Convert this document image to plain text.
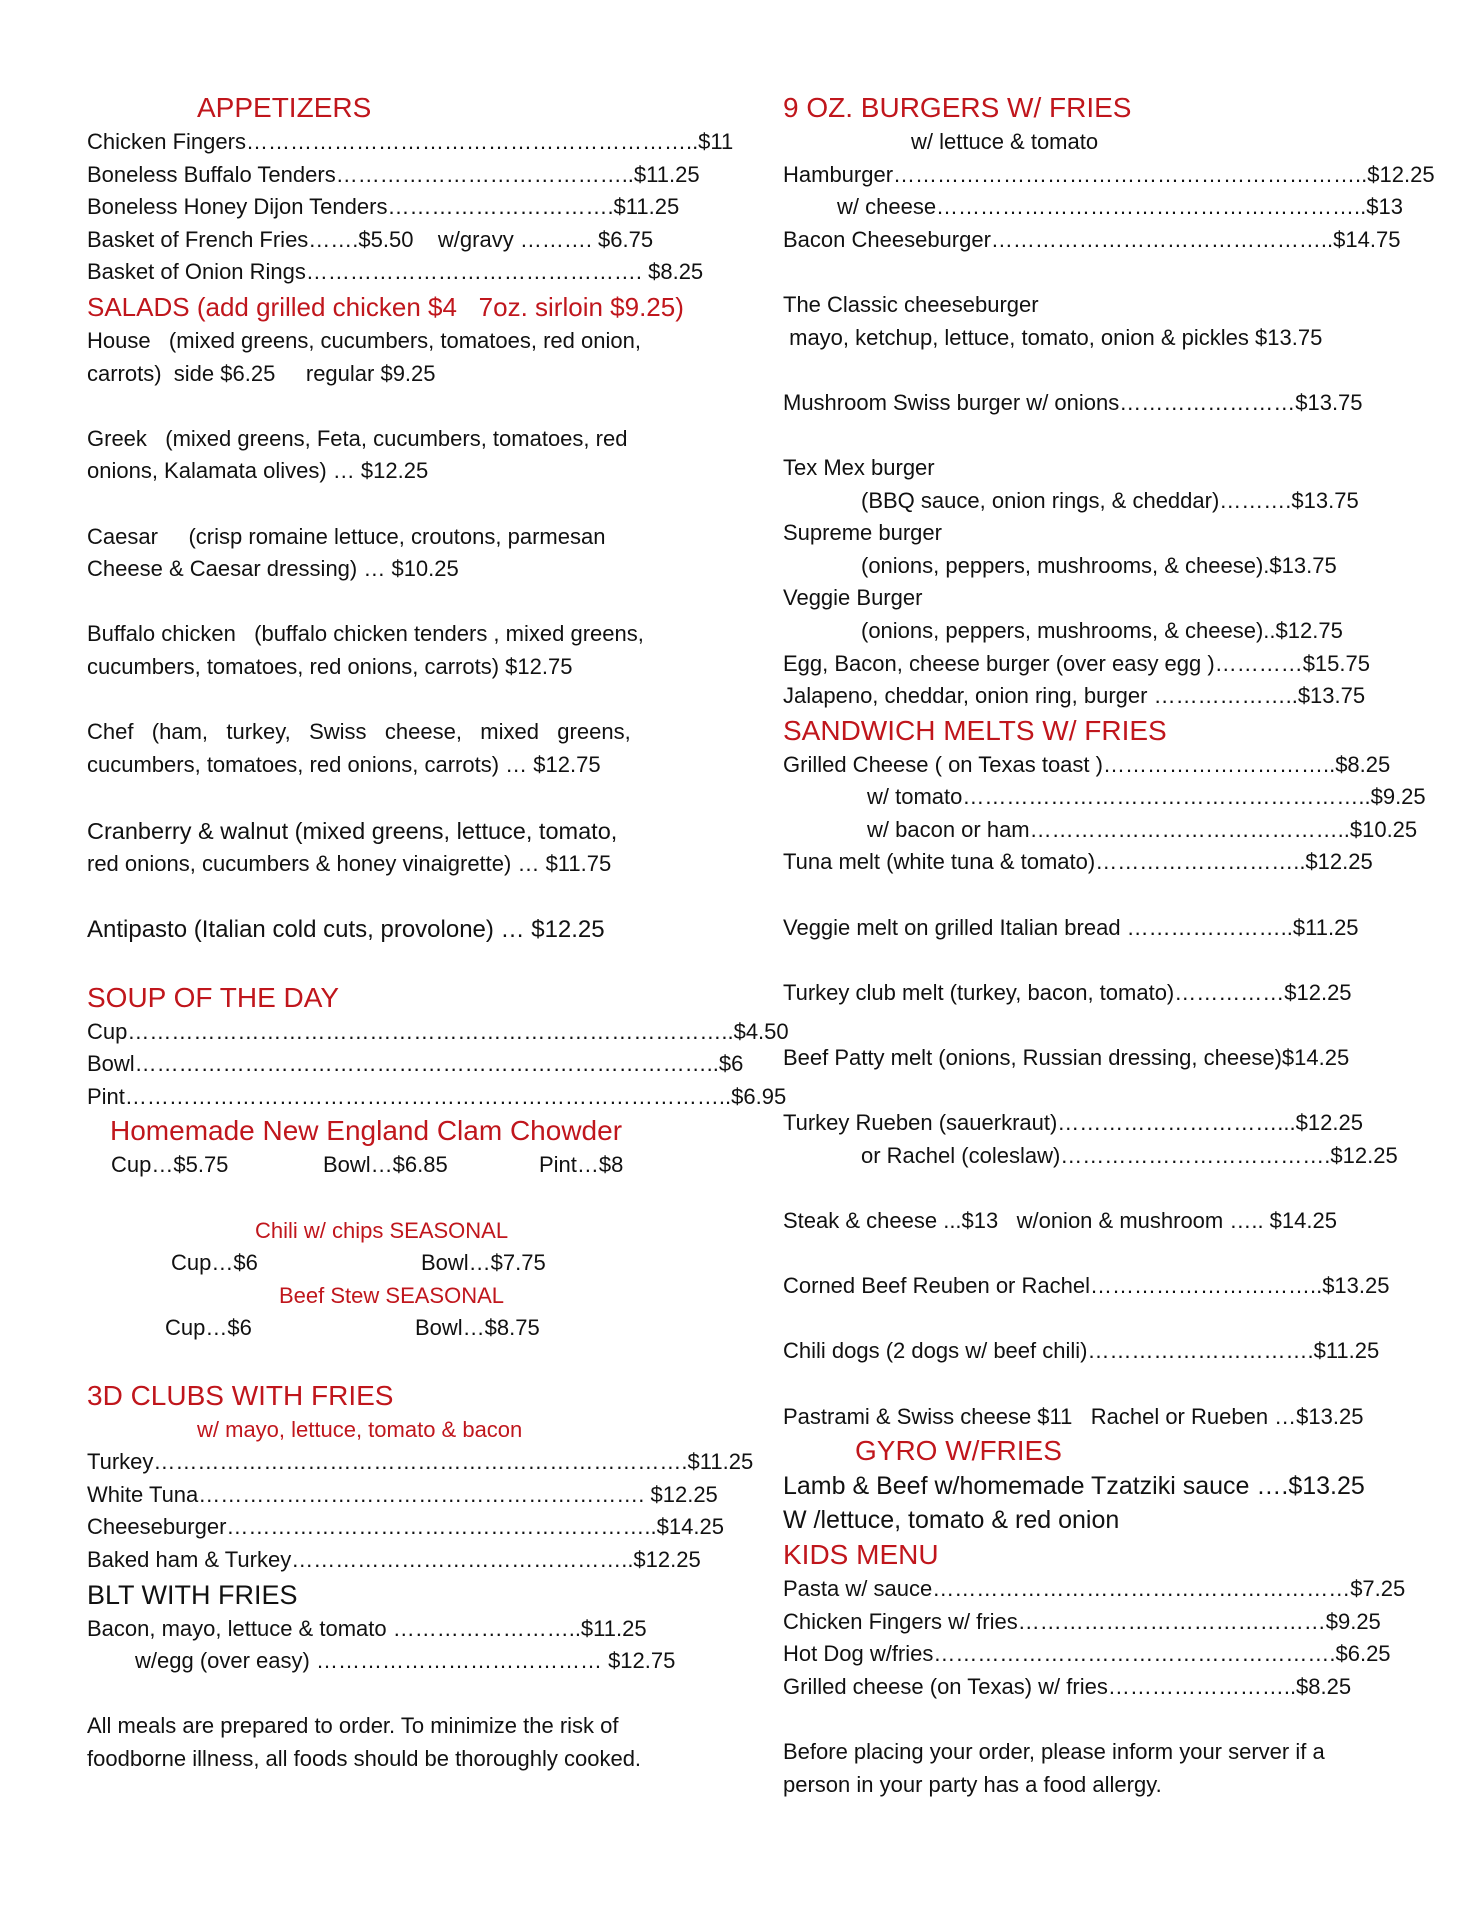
APPETIZERS
Chicken Fingers……………………………………………………..$11
Boneless Buffalo Tenders…………………………………..$11.25
Boneless Honey Dijon Tenders………………………….$11.25
Basket of French Fries…….$5.50    w/gravy ………. $6.75
Basket of Onion Rings………………………………………. $8.25
SALADS (add grilled chicken $4   7oz. sirloin $9.25)
House   (mixed greens, cucumbers, tomatoes, red onion,
carrots)  side $6.25     regular $9.25
Greek   (mixed greens, Feta, cucumbers, tomatoes, red
onions, Kalamata olives) … $12.25
Caesar     (crisp romaine lettuce, croutons, parmesan
Cheese & Caesar dressing) … $10.25
Buffalo chicken   (buffalo chicken tenders , mixed greens,
cucumbers, tomatoes, red onions, carrots) $12.75
Chef   (ham,   turkey,   Swiss   cheese,   mixed   greens,
cucumbers, tomatoes, red onions, carrots) … $12.75
Cranberry & walnut (mixed greens, lettuce, tomato,
red onions, cucumbers & honey vinaigrette) … $11.75
Antipasto (Italian cold cuts, provolone) … $12.25
SOUP OF THE DAY
Cup………………………………………………………………………..$4.50
Bowl……………………………………………………………………..$6
Pint………………………………………………………………………..$6.95
Homemade New England Clam Chowder
Cup…$5.75	Bowl…$6.85	Pint…$8
Chili w/ chips SEASONAL
Cup…$6	Bowl…$7.75
Beef Stew SEASONAL
Cup…$6	Bowl…$8.75
3D CLUBS WITH FRIES
w/ mayo, lettuce, tomato & bacon
Turkey……………………………………………………………….$11.25
White Tuna……………………………………………………. $12.25
Cheeseburger…………………………………………………..$14.25
Baked ham & Turkey………………………………………..$12.25
BLT WITH FRIES
Bacon, mayo, lettuce & tomato ……………………..$11.25
w/egg (over easy) ………………………………… $12.75
All meals are prepared to order. To minimize the risk of foodborne illness, all foods should be thoroughly cooked.
9 OZ. BURGERS W/ FRIES
w/ lettuce & tomato
Hamburger………………………………………………………..$12.25
w/ cheese…………………………………………………..$13
Bacon Cheeseburger………………………………………..$14.75
The Classic cheeseburger
mayo, ketchup, lettuce, tomato, onion & pickles $13.75
Mushroom Swiss burger w/ onions……………………$13.75
Tex Mex burger
(BBQ sauce, onion rings, & cheddar)……….$13.75
Supreme burger
(onions, peppers, mushrooms, & cheese).$13.75
Veggie Burger
(onions, peppers, mushrooms, & cheese)..$12.75
Egg, Bacon, cheese burger (over easy egg )…………$15.75
Jalapeno, cheddar, onion ring, burger ………………..$13.75
SANDWICH MELTS W/ FRIES
Grilled Cheese ( on Texas toast )…………………………..$8.25
w/ tomato………………………………………………..$9.25
w/ bacon or ham……………………………………..$10.25
Tuna melt (white tuna & tomato)………………………..$12.25
Veggie melt on grilled Italian bread …………………..$11.25
Turkey club melt (turkey, bacon, tomato)……………$12.25
Beef Patty melt (onions, Russian dressing, cheese)$14.25
Turkey Rueben (sauerkraut)…………………………...$12.25
or Rachel (coleslaw)……………………………….$12.25
Steak & cheese ...$13   w/onion & mushroom ….. $14.25
Corned Beef Reuben or Rachel…………………………..$13.25
Chili dogs (2 dogs w/ beef chili)………………………….$11.25
Pastrami & Swiss cheese $11   Rachel or Rueben …$13.25
GYRO W/FRIES
Lamb & Beef w/homemade Tzatziki sauce ….$13.25
W /lettuce, tomato & red onion
KIDS MENU
Pasta w/ sauce…………………………………………………$7.25
Chicken Fingers w/ fries……………………………………$9.25
Hot Dog w/fries……………………………………………….$6.25
Grilled cheese (on Texas) w/ fries……………………..$8.25
Before placing your order, please inform your server if a person in your party has a food allergy.
